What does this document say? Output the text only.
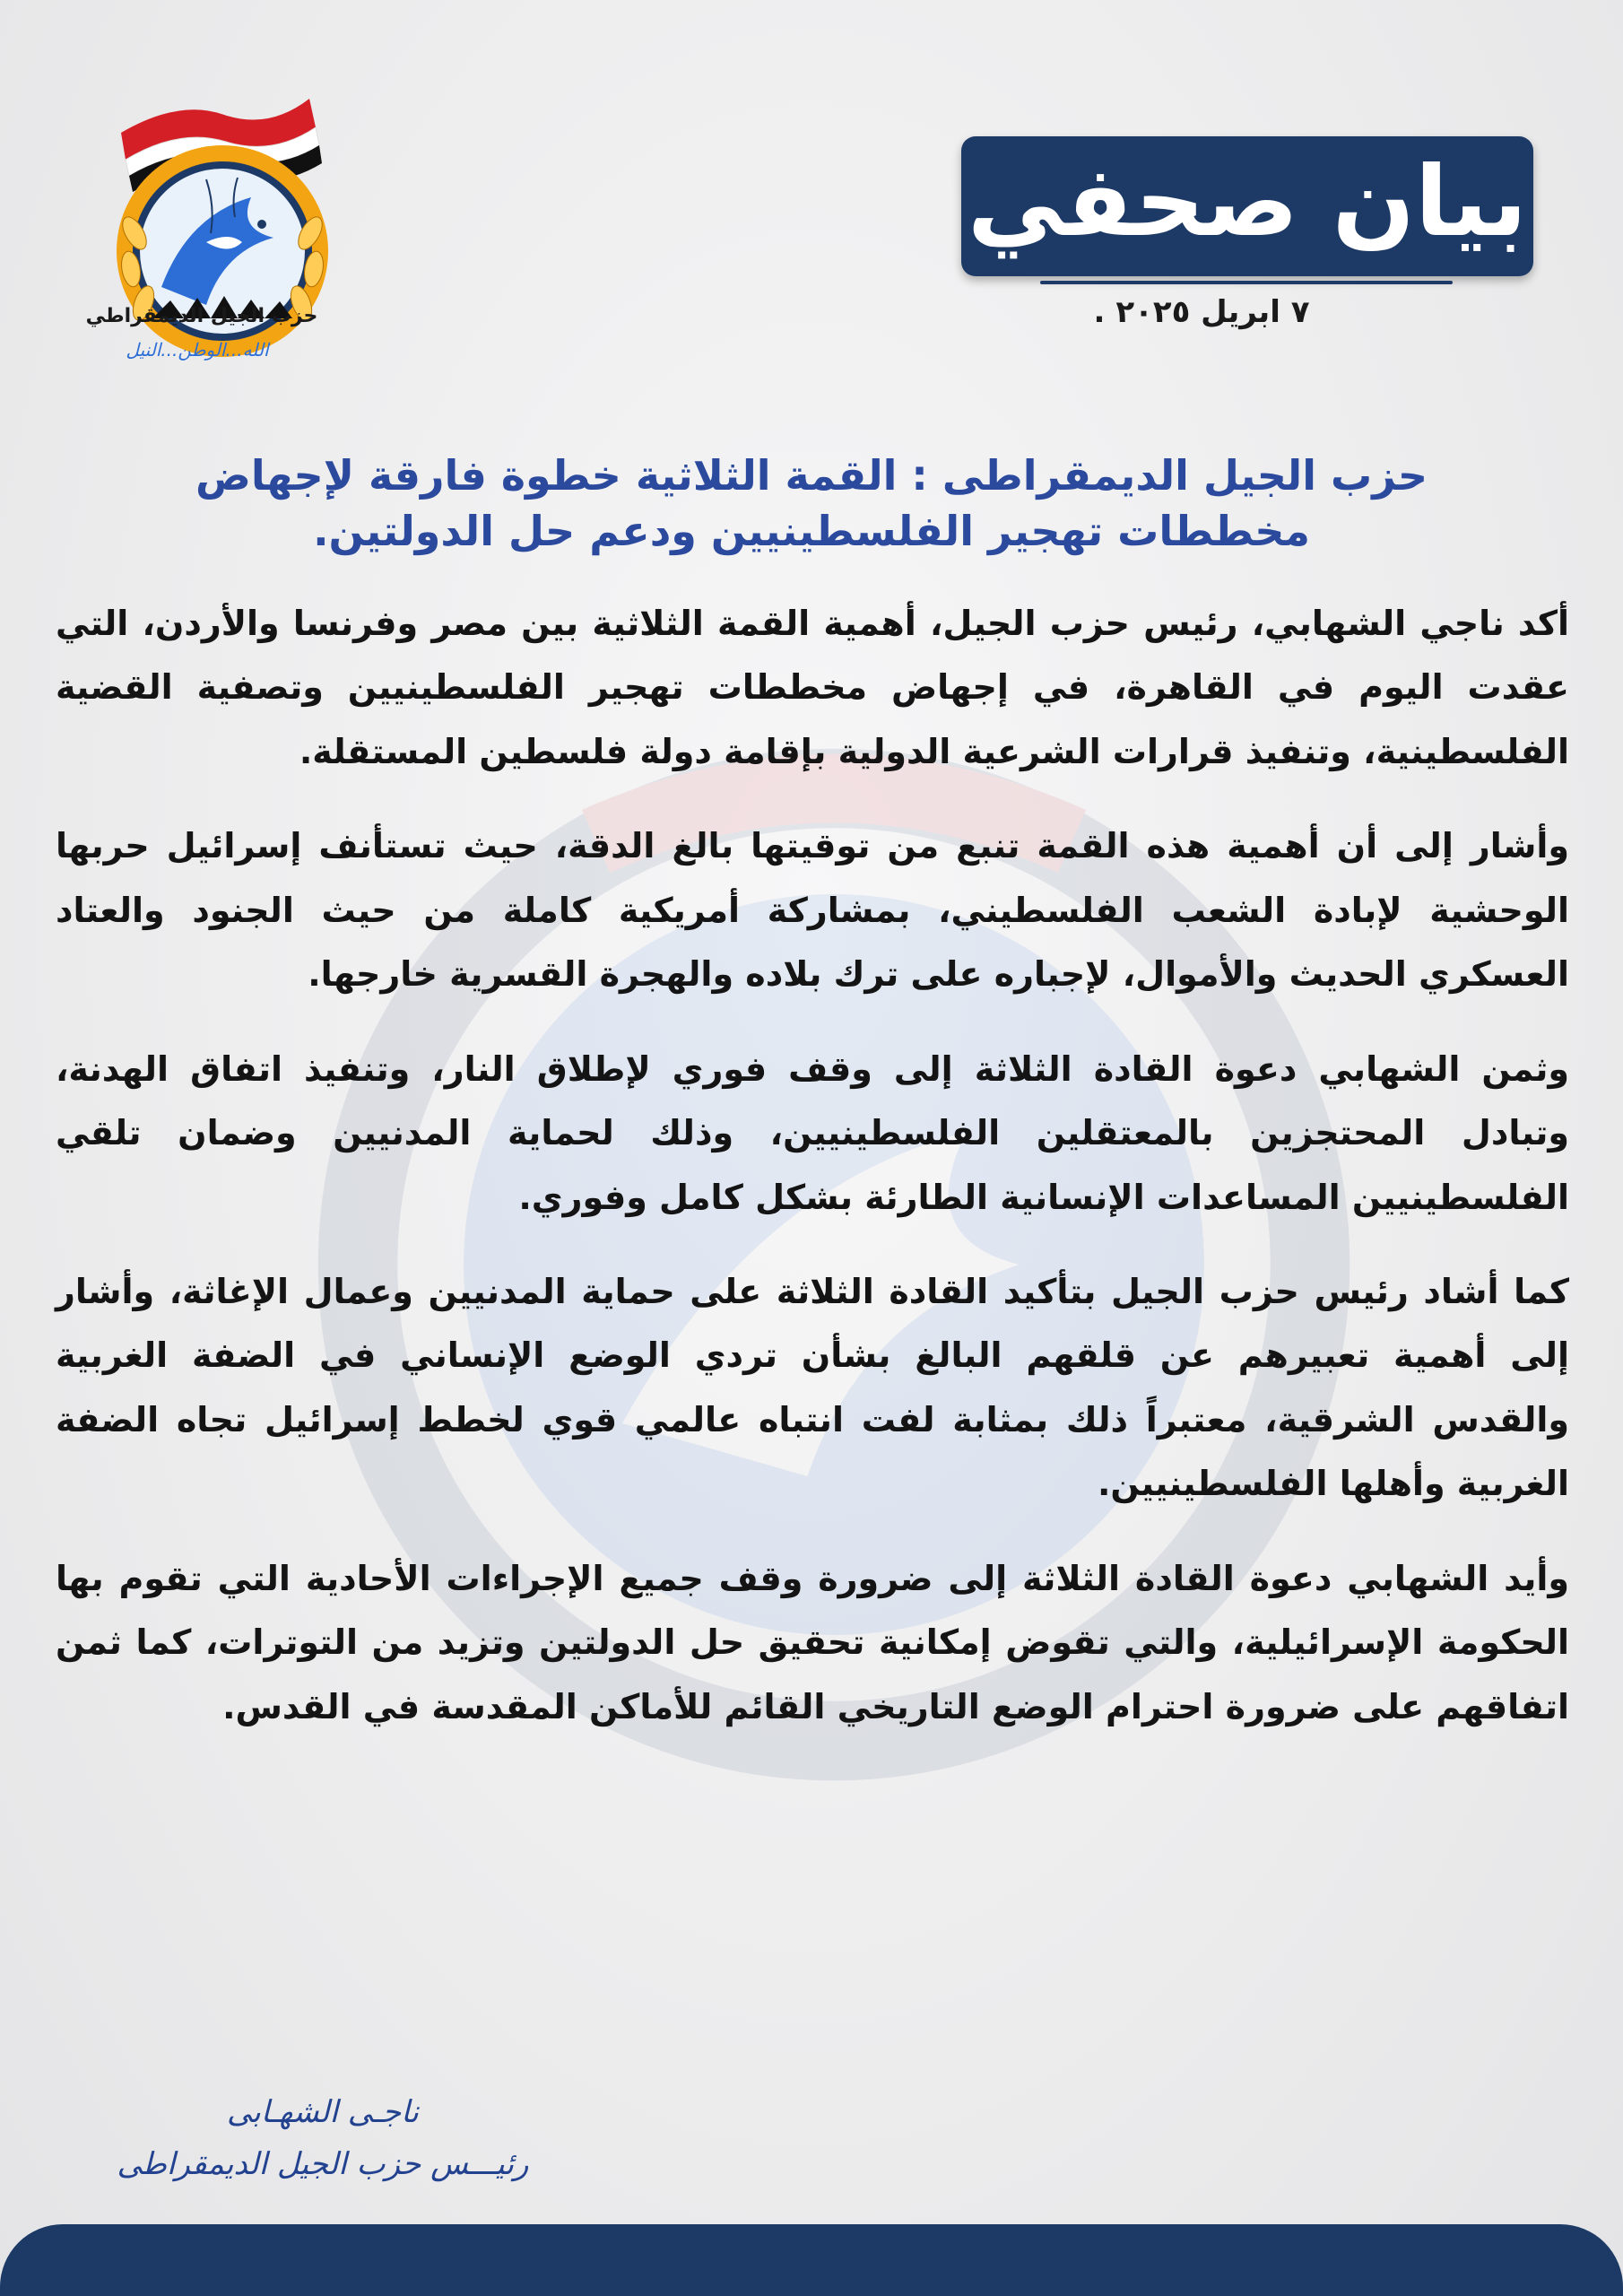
حزب الجيل الديمقراطي
الله...الوطن...النيل
بيان صحفي
٧ ابريل ٢٠٢٥ .
حزب الجيل الديمقراطى : القمة الثلاثية خطوة فارقة لإجهاض
مخططات تهجير الفلسطينيين ودعم حل الدولتين.

أكد ناجي الشهابي، رئيس حزب الجيل، أهمية القمة الثلاثية بين مصر وفرنسا والأردن، التي عقدت اليوم في القاهرة، في إجهاض مخططات تهجير الفلسطينيين وتصفية القضية الفلسطينية، وتنفيذ قرارات الشرعية الدولية بإقامة دولة فلسطين المستقلة.

وأشار إلى أن أهمية هذه القمة تنبع من توقيتها بالغ الدقة، حيث تستأنف إسرائيل حربها الوحشية لإبادة الشعب الفلسطيني، بمشاركة أمريكية كاملة من حيث الجنود والعتاد العسكري الحديث والأموال، لإجباره على ترك بلاده والهجرة القسرية خارجها.

وثمن الشهابي دعوة القادة الثلاثة إلى وقف فوري لإطلاق النار، وتنفيذ اتفاق الهدنة، وتبادل المحتجزين بالمعتقلين الفلسطينيين، وذلك لحماية المدنيين وضمان تلقي الفلسطينيين المساعدات الإنسانية الطارئة بشكل كامل وفوري.

كما أشاد رئيس حزب الجيل بتأكيد القادة الثلاثة على حماية المدنيين وعمال الإغاثة، وأشار إلى أهمية تعبيرهم عن قلقهم البالغ بشأن تردي الوضع الإنساني في الضفة الغربية والقدس الشرقية، معتبراً ذلك بمثابة لفت انتباه عالمي قوي لخطط إسرائيل تجاه الضفة الغربية وأهلها الفلسطينيين.

وأيد الشهابي دعوة القادة الثلاثة إلى ضرورة وقف جميع الإجراءات الأحادية التي تقوم بها الحكومة الإسرائيلية، والتي تقوض إمكانية تحقيق حل الدولتين وتزيد من التوترات، كما ثمن اتفاقهم على ضرورة احترام الوضع التاريخي القائم للأماكن المقدسة في القدس.

ناجـى الشهـابى
رئيـــس حزب الجيل الديمقراطى
